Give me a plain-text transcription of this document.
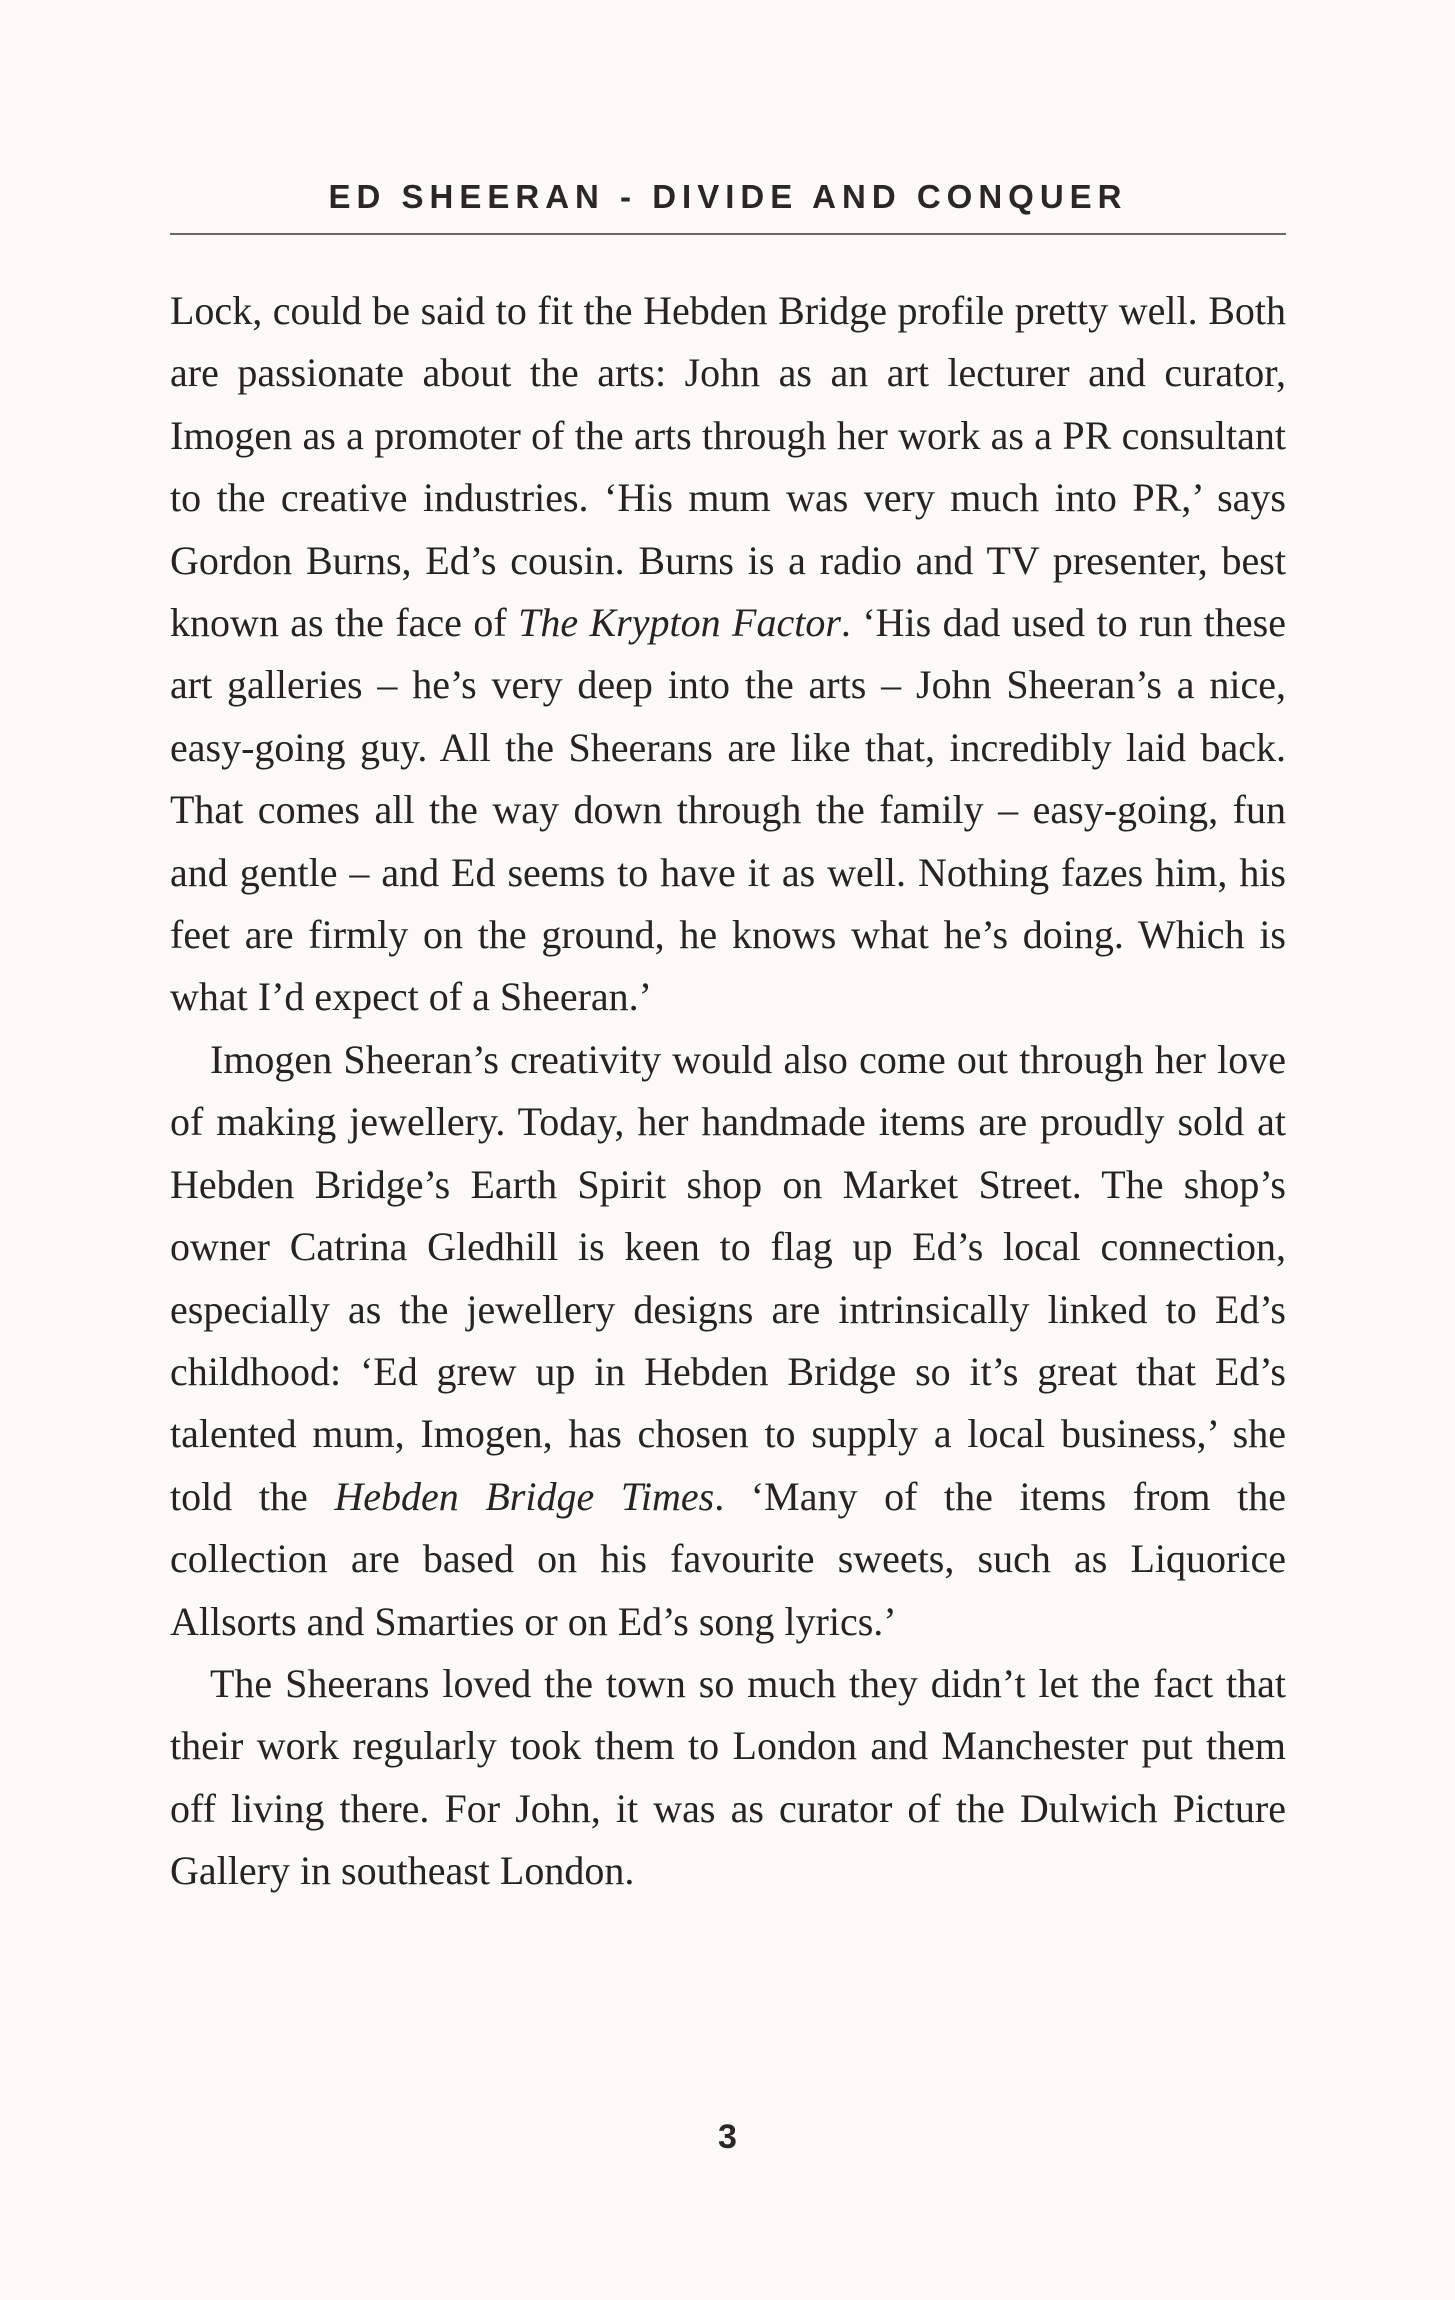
ED SHEERAN - DIVIDE AND CONQUER

Lock, could be said to fit the Hebden Bridge profile pretty well. Both are passionate about the arts: John as an art lecturer and curator, Imogen as a promoter of the arts through her work as a PR consultant to the creative industries. ‘His mum was very much into PR,’ says Gordon Burns, Ed’s cousin. Burns is a radio and TV presenter, best known as the face of The Krypton Factor. ‘His dad used to run these art galleries – he’s very deep into the arts – John Sheeran’s a nice, easy-going guy. All the Sheerans are like that, incredibly laid back. That comes all the way down through the family – easy-going, fun and gentle – and Ed seems to have it as well. Nothing fazes him, his feet are firmly on the ground, he knows what he’s doing. Which is what I’d expect of a Sheeran.’

Imogen Sheeran’s creativity would also come out through her love of making jewellery. Today, her handmade items are proudly sold at Hebden Bridge’s Earth Spirit shop on Market Street. The shop’s owner Catrina Gledhill is keen to flag up Ed’s local connection, especially as the jewellery designs are intrinsically linked to Ed’s childhood: ‘Ed grew up in Hebden Bridge so it’s great that Ed’s talented mum, Imogen, has chosen to supply a local business,’ she told the Hebden Bridge Times. ‘Many of the items from the collection are based on his favourite sweets, such as Liquorice Allsorts and Smarties or on Ed’s song lyrics.’

The Sheerans loved the town so much they didn’t let the fact that their work regularly took them to London and Manchester put them off living there. For John, it was as curator of the Dulwich Picture Gallery in southeast London.

3
